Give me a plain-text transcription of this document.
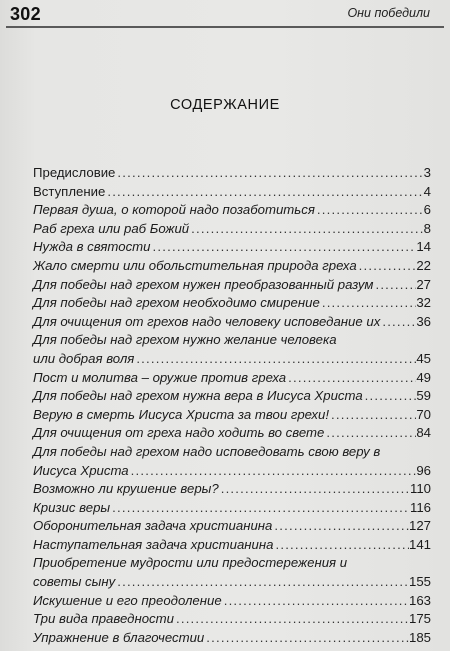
302	Они победили
СОДЕРЖАНИЕ
Предисловие .....	3
Вступление .....	4
Первая душа, о которой надо позаботиться .....	6
Раб греха или раб Божий .....	8
Нужда в святости .....	14
Жало смерти или обольстительная природа греха .....	22
Для победы над грехом нужен преобразованный разум .....	27
Для победы над грехом необходимо смирение .....	32
Для очищения от грехов надо человеку исповедание их .....	36
Для победы над грехом нужно желание человека
или добрая воля .....	45
Пост и молитва – оружие против греха .....	49
Для победы над грехом нужна вера в Иисуса Христа .....	59
Верую в смерть Иисуса Христа за твои грехи! .....	70
Для очищения от греха надо ходить во свете .....	84
Для победы над грехом надо исповедовать свою веру в
Иисуса Христа .....	96
Возможно ли крушение веры? .....	110
Кризис веры .....	116
Оборонительная задача христианина .....	127
Наступательная задача христианина .....	141
Приобретение мудрости или предостережения и
советы сыну .....	155
Искушение и его преодоление .....	163
Три вида праведности .....	175
Упражнение в благочестии .....	185
